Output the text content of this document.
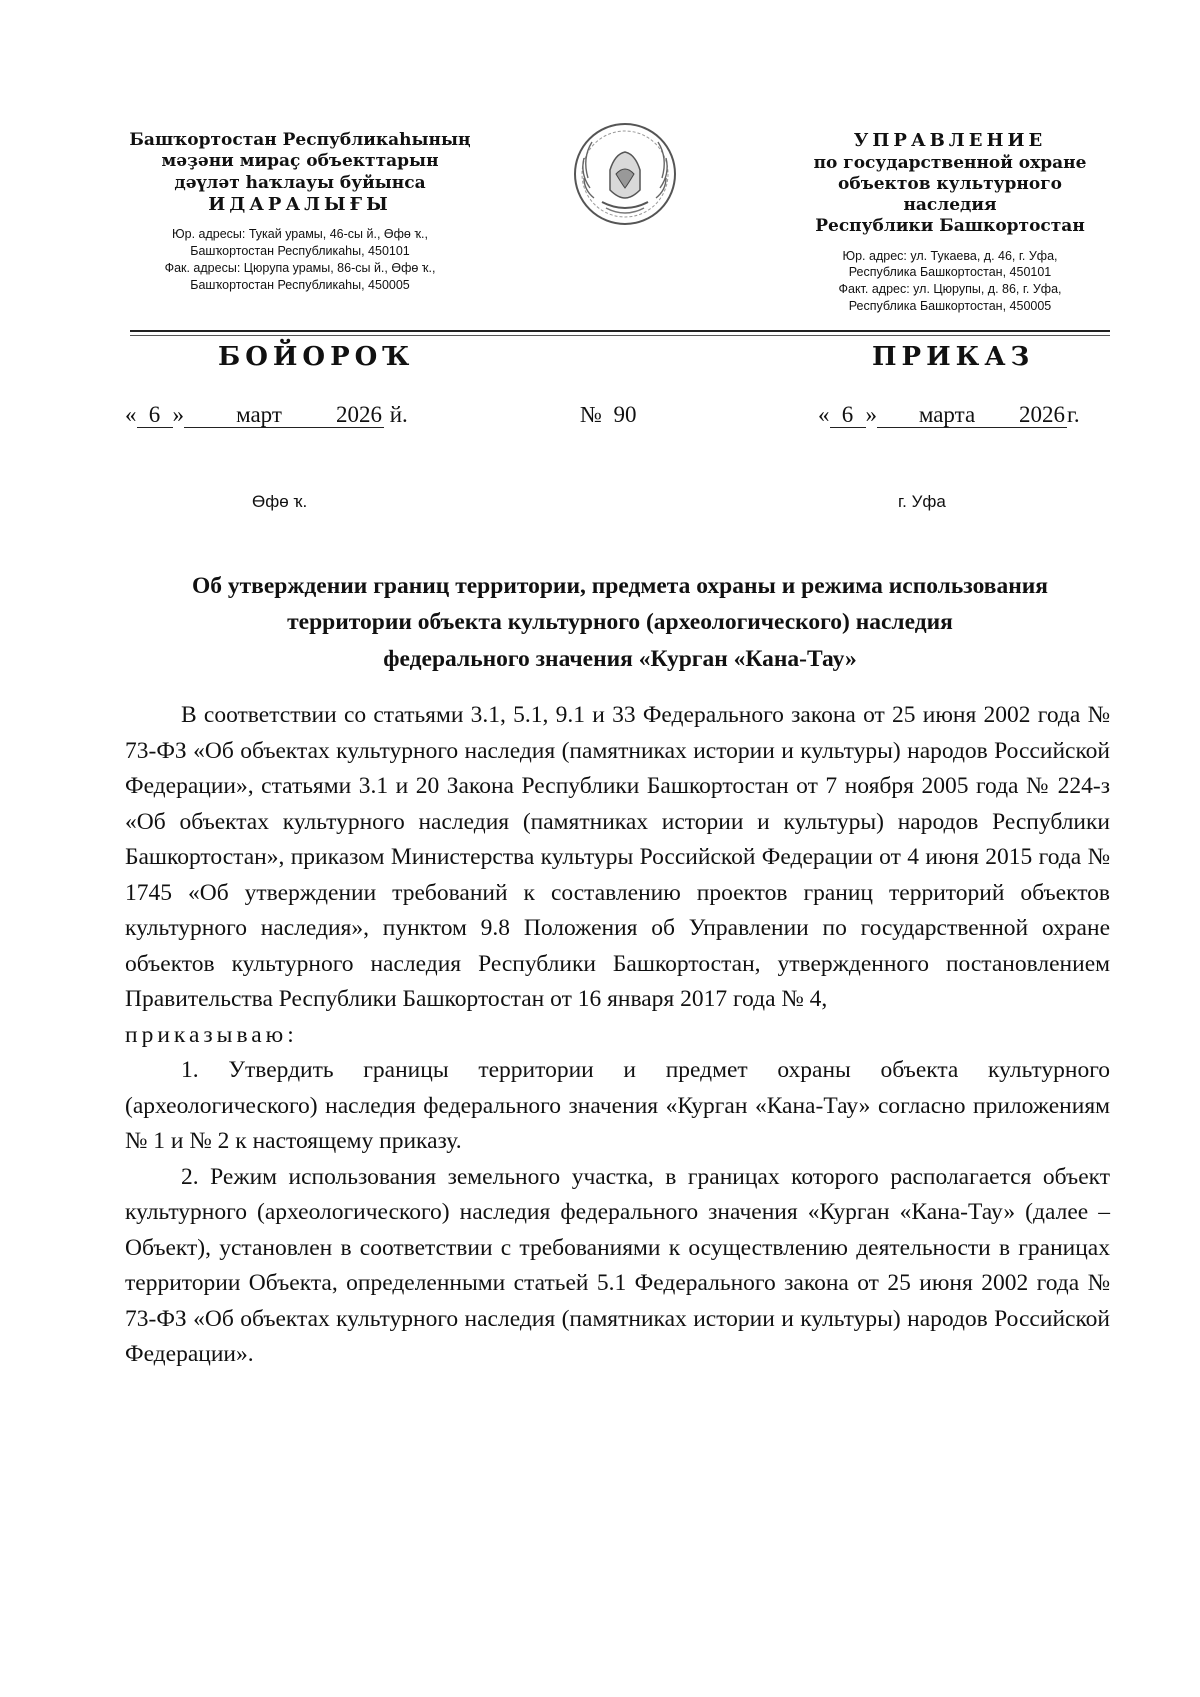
Башҡортостан Республикаһының
мәҙәни мираҫ объекттарын
дәүләт һаҡлауы буйынса
ИДАРАЛЫҒЫ
Юр. адресы: Тукай урамы, 46-сы й., Өфө ҡ.,
Башҡортостан Республикаһы, 450101
Фак. адресы: Цюрупа урамы, 86-сы й., Өфө ҡ.,
Башҡортостан Республикаһы, 450005
УПРАВЛЕНИЕ
по государственной охране
объектов культурного наследия
Республики Башкортостан
Юр. адрес: ул. Тукаева, д. 46, г. Уфа,
Республика Башкортостан, 450101
Факт. адрес: ул. Цюрупы, д. 86, г. Уфа,
Республика Башкортостан, 450005
БОЙОРОҠ	ПРИКАЗ
« 6 » март 2026 й.	№ 90	« 6 » марта 2026г.
Өфө ҡ.	г. Уфа
Об утверждении границ территории, предмета охраны и режима использования
территории объекта культурного (археологического) наследия
федерального значения «Курган «Кана-Тау»

В соответствии со статьями 3.1, 5.1, 9.1 и 33 Федерального закона от 25 июня 2002 года № 73-ФЗ «Об объектах культурного наследия (памятниках истории и культуры) народов Российской Федерации», статьями 3.1 и 20 Закона Республики Башкортостан от 7 ноября 2005 года № 224-з «Об объектах культурного наследия (памятниках истории и культуры) народов Республики Башкортостан», приказом Министерства культуры Российской Федерации от 4 июня 2015 года № 1745 «Об утверждении требований к составлению проектов границ территорий объектов культурного наследия», пунктом 9.8 Положения об Управлении по государственной охране объектов культурного наследия Республики Башкортостан, утвержденного постановлением Правительства Республики Башкортостан от 16 января 2017 года № 4,

приказываю:

1. Утвердить границы территории и предмет охраны объекта культурного (археологического) наследия федерального значения «Курган «Кана-Тау» согласно приложениям № 1 и № 2 к настоящему приказу.

2. Режим использования земельного участка, в границах которого располагается объект культурного (археологического) наследия федерального значения «Курган «Кана-Тау» (далее – Объект), установлен в соответствии с требованиями к осуществлению деятельности в границах территории Объекта, определенными статьей 5.1 Федерального закона от 25 июня 2002 года № 73-ФЗ «Об объектах культурного наследия (памятниках истории и культуры) народов Российской Федерации».
